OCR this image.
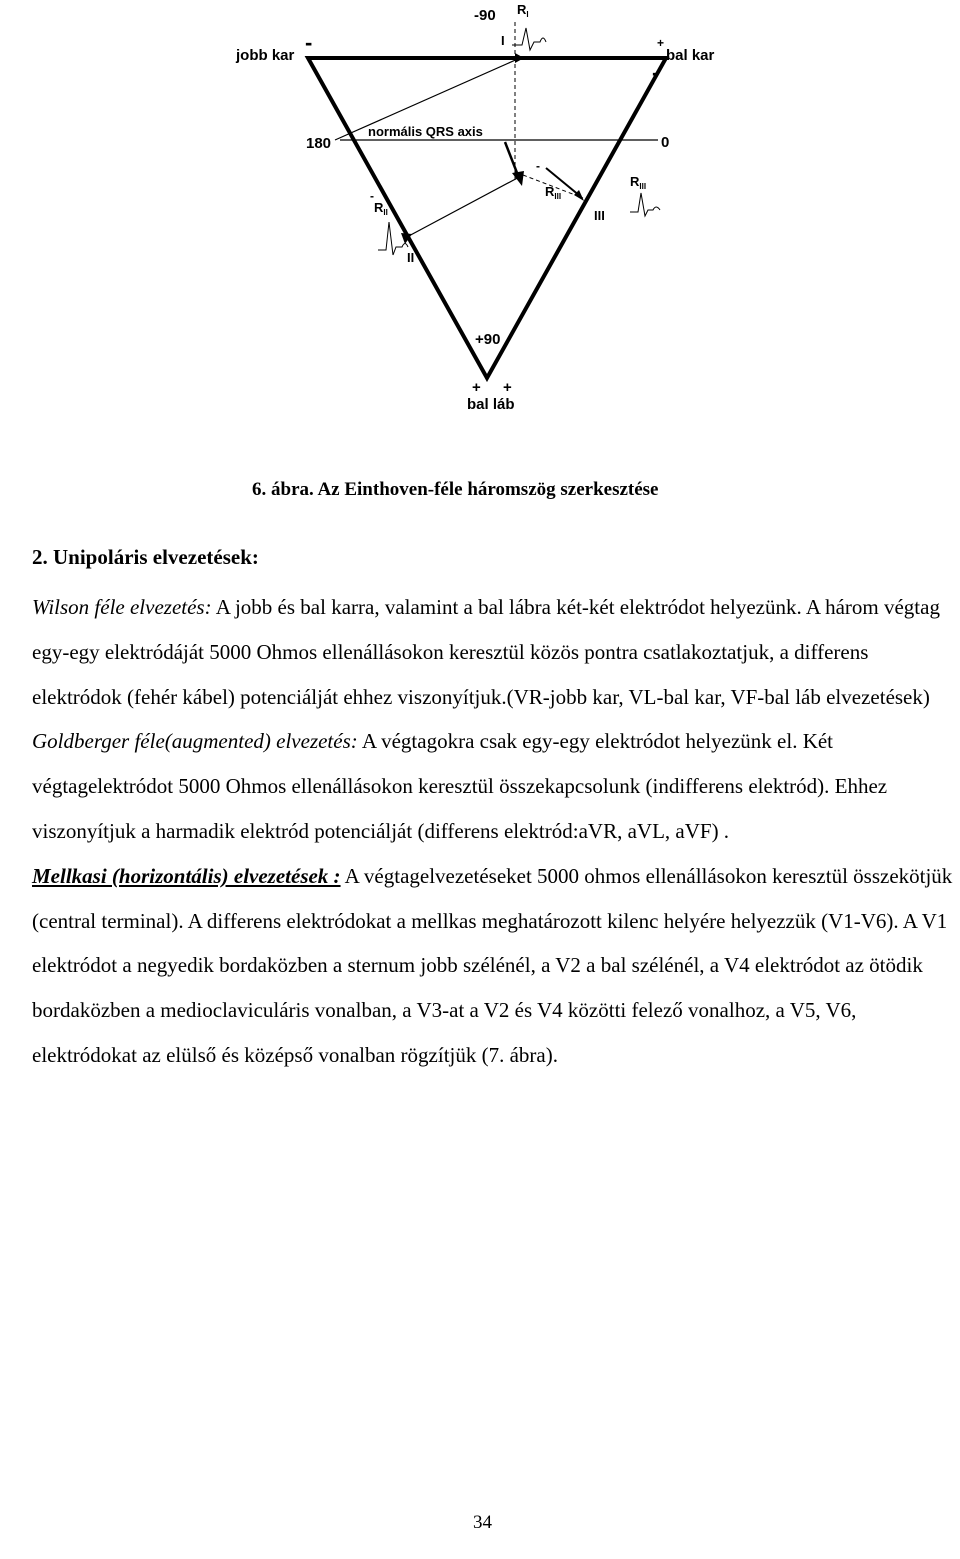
-90
180	0
+90
jobb kar	bal kar
bal láb
-
-
+
+ +
-
-
normális QRS axis
I
II
III
$R_I$
$R_{II}$
$R_{III}$
$R_{III}$
6. ábra. Az Einthoven-féle háromszög szerkesztése
2. Unipoláris elvezetések:

Wilson féle elvezetés: A jobb és bal karra, valamint a bal lábra két-két elektródot helyezünk. A három végtag egy-egy elektródáját 5000 Ohmos ellenállásokon keresztül közös pontra csatlakoztatjuk, a differens elektródok (fehér kábel) potenciálját ehhez viszonyítjuk.(VR-jobb kar, VL-bal kar, VF-bal láb elvezetések)

Goldberger féle(augmented) elvezetés: A végtagokra csak egy-egy elektródot helyezünk el. Két végtagelektródot 5000 Ohmos ellenállásokon keresztül összekapcsolunk (indifferens elektród). Ehhez viszonyítjuk a harmadik elektród potenciálját (differens elektród:aVR, aVL, aVF) .

Mellkasi (horizontális) elvezetések : A végtagelvezetéseket 5000 ohmos ellenállásokon keresztül összekötjük (central terminal). A differens elektródokat a mellkas meghatározott kilenc helyére helyezzük (V1-V6). A V1 elektródot a negyedik bordaközben a sternum jobb szélénél, a V2 a bal szélénél, a V4 elektródot az ötödik bordaközben a medioclaviculáris vonalban, a V3-at a V2 és V4 közötti felező vonalhoz, a V5, V6, elektródokat az elülső és középső vonalban rögzítjük (7. ábra).

34
